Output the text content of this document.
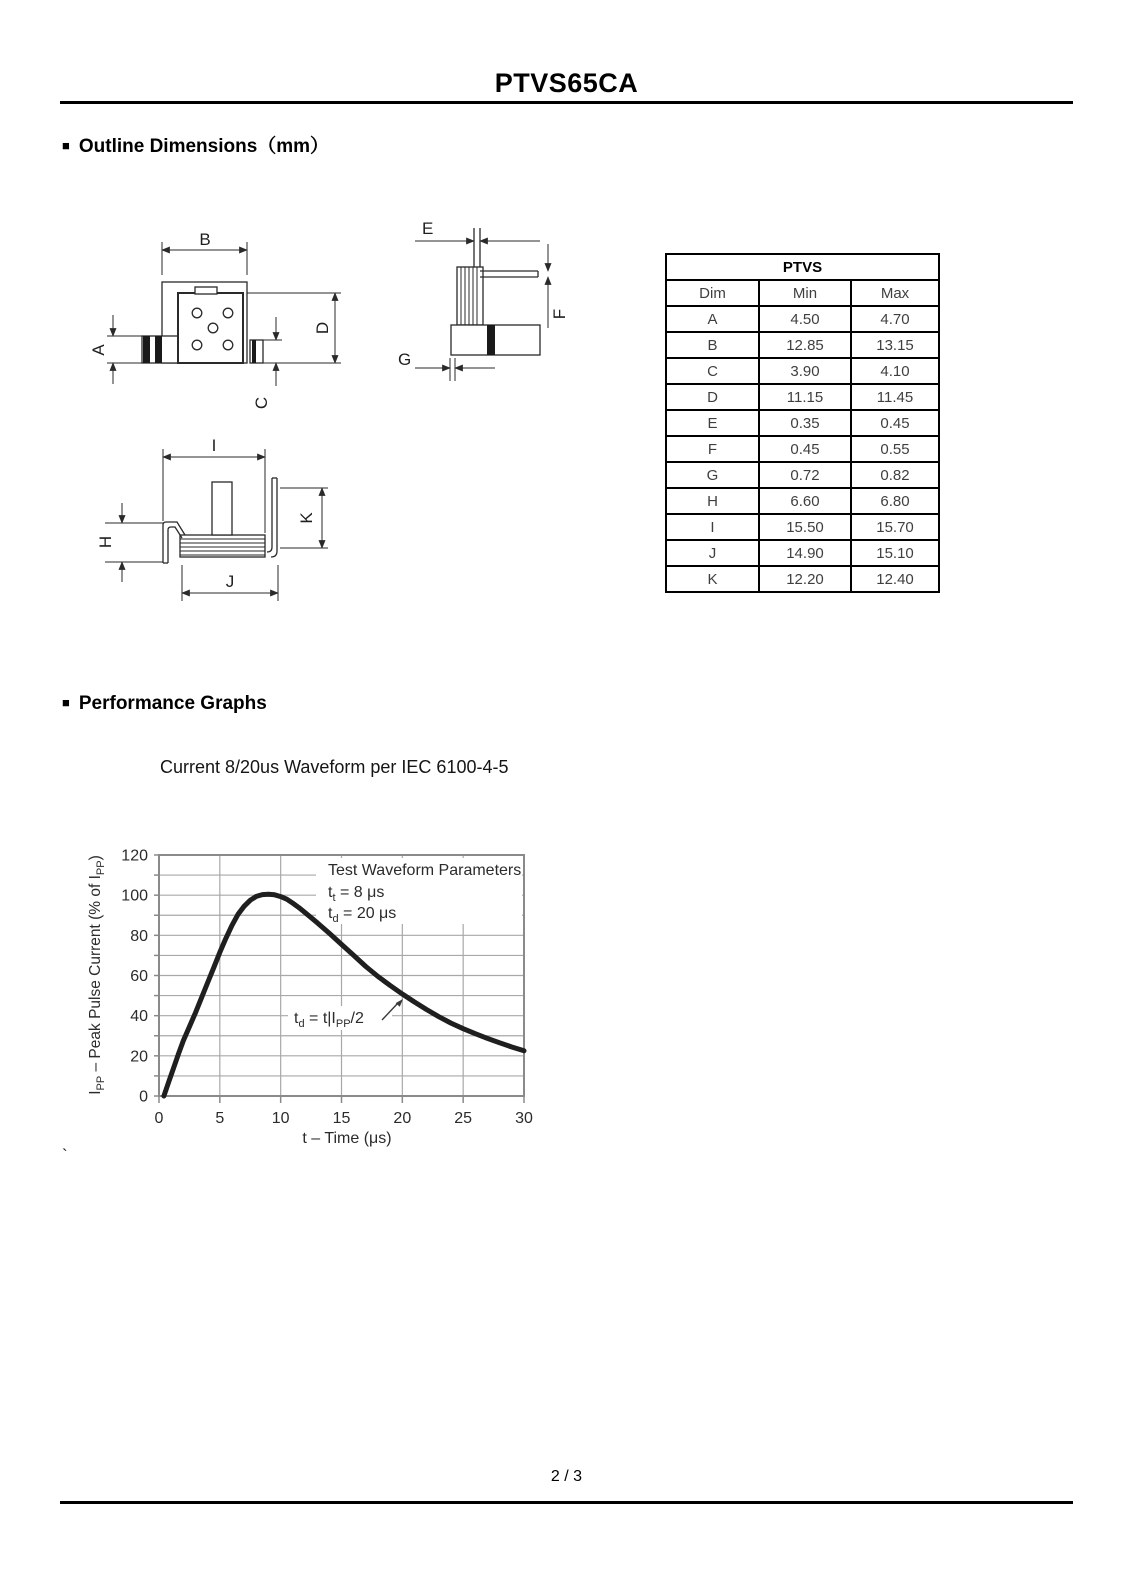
PTVS65CA
■ Outline Dimensions（mm）
B
A
D
C
E
F
G
I
K
H
J
PTVS		
Dim	Min	Max
A	4.50	4.70
B	12.85	13.15
C	3.90	4.10
D	11.15	11.45
E	0.35	0.45
F	0.45	0.55
G	0.72	0.82
H	6.60	6.80
I	15.50	15.70
J	14.90	15.10
K	12.20	12.40
■ Performance Graphs
Current 8/20us Waveform per IEC 6100-4-5
0
20
40
60
80
100
120
0	5	10	15	20	25	30
$I_{PP}$ – Peak Pulse Current (% of $I_{PP}$)
t – Time (μs)
Test Waveform Parameters
$t_t = 8$ μs
$t_d = 20$ μs
$t_d = t|I_{PP}/2$
`
2 / 3
